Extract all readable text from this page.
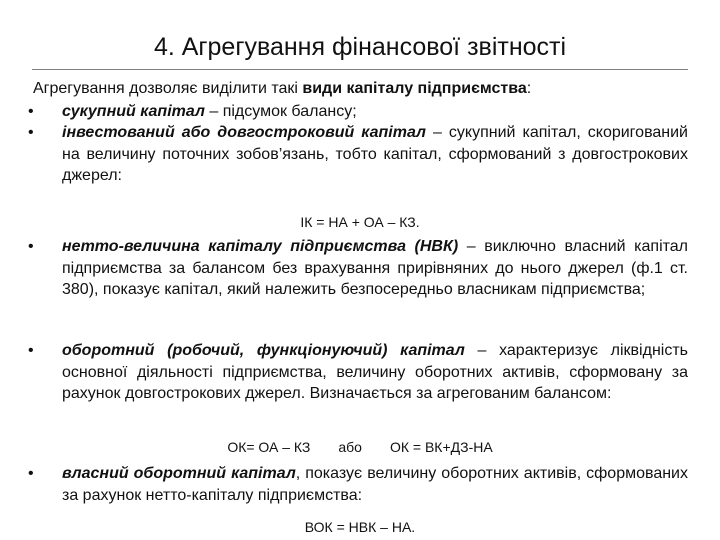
4. Агрегування фінансової звітності
Агрегування дозволяє виділити такі види капіталу підприємства:
• сукупний капітал – підсумок балансу;
• інвестований або довгостроковий капітал – сукупний капітал, скоригований на величину поточних зобов’язань, тобто капітал, сформований з довгострокових джерел:
ІК = НА + ОА – КЗ.
• нетто-величина капіталу підприємства (НВК) – виключно власний капітал підприємства за балансом без врахування прирівняних до нього джерел (ф.1 ст. 380), показує капітал, який належить безпосередньо власникам підприємства;
• оборотний (робочий, функціонуючий) капітал – характеризує ліквідність основної діяльності підприємства, величину оборотних активів, сформовану за рахунок довгострокових джерел. Визначається за агрегованим балансом:
ОК= ОА – КЗ або ОК = ВК+ДЗ-НА
• власний оборотний капітал, показує величину оборотних активів, сформованих за рахунок нетто-капіталу підприємства:
ВОК = НВК – НА.
